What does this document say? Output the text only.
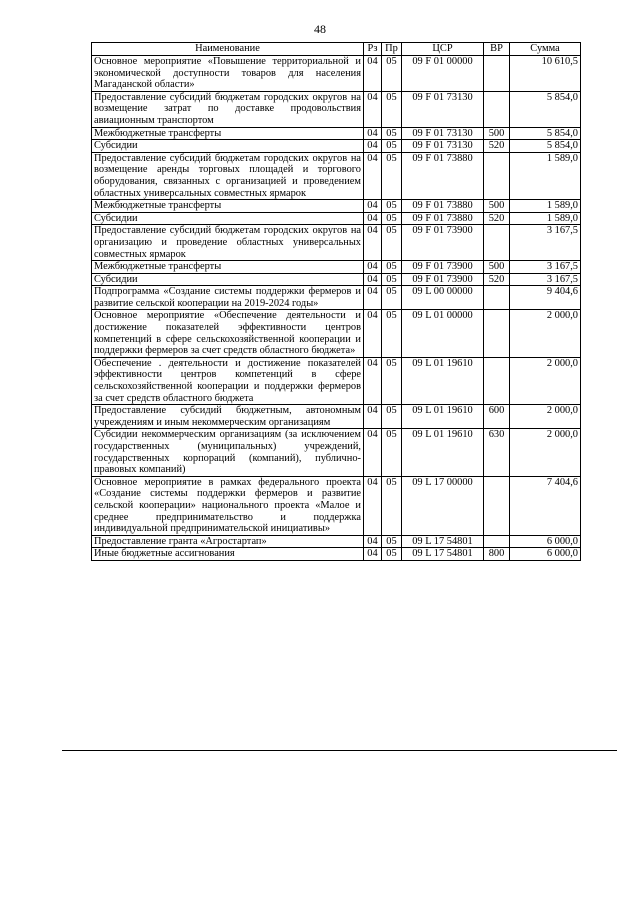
48
Наименование	Рз	Пр	ЦСР	ВР	Сумма
Основное мероприятие «Повышение территориальной и экономической доступности товаров для населения Магаданской области»	04	05	09 F 01 00000		10 610,5
Предоставление субсидий бюджетам городских округов на возмещение затрат по доставке продовольствия авиационным транспортом	04	05	09 F 01 73130		5 854,0
Межбюджетные трансферты	04	05	09 F 01 73130	500	5 854,0
Субсидии	04	05	09 F 01 73130	520	5 854,0
Предоставление субсидий бюджетам городских округов на возмещение аренды торговых площадей и торгового оборудования, связанных с организацией и проведением областных универсальных совместных ярмарок	04	05	09 F 01 73880		1 589,0
Межбюджетные трансферты	04	05	09 F 01 73880	500	1 589,0
Субсидии	04	05	09 F 01 73880	520	1 589,0
Предоставление субсидий бюджетам городских округов на организацию и проведение областных универсальных совместных ярмарок	04	05	09 F 01 73900		3 167,5
Межбюджетные трансферты	04	05	09 F 01 73900	500	3 167,5
Субсидии	04	05	09 F 01 73900	520	3 167,5
Подпрограмма «Создание системы поддержки фермеров и развитие сельской кооперации на 2019-2024 годы»	04	05	09 L 00 00000		9 404,6
Основное мероприятие «Обеспечение деятельности и достижение показателей эффективности центров компетенций в сфере сельскохозяйственной кооперации и поддержки фермеров за счет средств областного бюджета»	04	05	09 L 01 00000		2 000,0
Обеспечение . деятельности и достижение показателей эффективности центров компетенций в сфере сельскохозяйственной кооперации и поддержки фермеров за счет средств областного бюджета	04	05	09 L 01 19610		2 000,0
Предоставление субсидий бюджетным, автономным учреждениям и иным некоммерческим организациям	04	05	09 L 01 19610	600	2 000,0
Субсидии некоммерческим организациям (за исключением государственных (муниципальных) учреждений, государственных корпораций (компаний), публично-правовых компаний)	04	05	09 L 01 19610	630	2 000,0
Основное мероприятие в рамках федерального проекта «Создание системы поддержки фермеров и развитие сельской кооперации» национального проекта «Малое и среднее предпринимательство и поддержка индивидуальной предпринимательской инициативы»	04	05	09 L 17 00000		7 404,6
Предоставление гранта «Агростартап»	04	05	09 L 17 54801		6 000,0
Иные бюджетные ассигнования	04	05	09 L 17 54801	800	6 000,0
